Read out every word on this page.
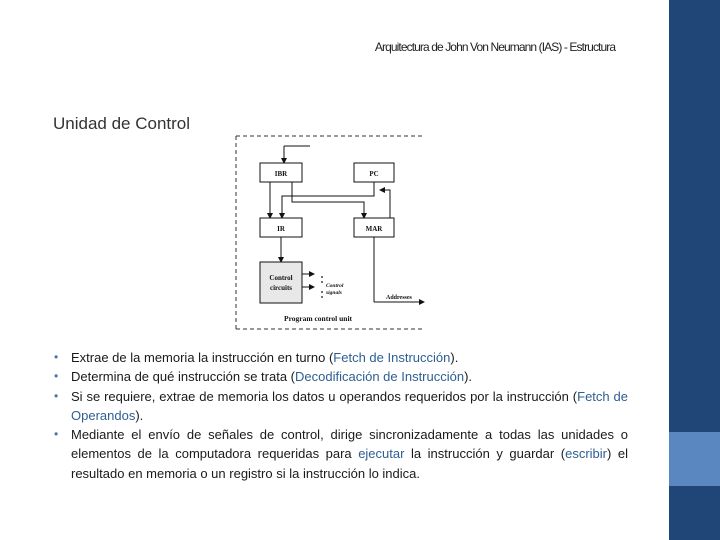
Arquitectura de John Von Neumann (IAS) - Estructura
Unidad de Control
IBR	PC
IR	MAR
Control
circuits	Control
signals
Addresses
Program control unit
• Extrae de la memoria la instrucción en turno (Fetch de Instrucción).
• Determina de qué instrucción se trata (Decodificación de Instrucción).
• Si se requiere, extrae de memoria los datos u operandos requeridos por la instrucción (Fetch de Operandos).
• Mediante el envío de señales de control, dirige sincronizadamente a todas las unidades o elementos de la computadora requeridas para ejecutar la instrucción y guardar (escribir) el resultado en memoria o un registro si la instrucción lo indica.
